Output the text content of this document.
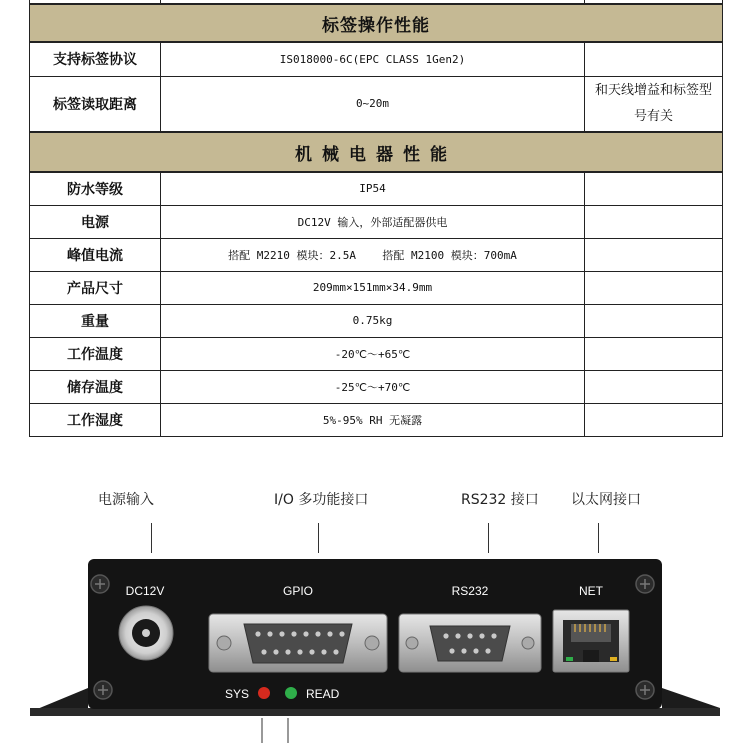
标签操作性能		
支持标签协议	IS018000-6C(EPC CLASS 1Gen2)	
标签读取距离	0~20m	和天线增益和标签型号有关
机械电器性能		
防水等级	IP54	
电源	DC12V 输入，外部适配器供电	
峰值电流	搭配 M2210 模块：2.5A    搭配 M2100 模块：700mA	
产品尺寸	209mm×151mm×34.9mm	
重量	0.75kg	
工作温度	-20℃～+65℃	
储存温度	-25℃～+70℃	
工作湿度	5%-95% RH 无凝露	
电源输入	I/O 多功能接口	RS232 接口 以太网接口
DC12V	GPIO	RS232	NET
SYS	READ
